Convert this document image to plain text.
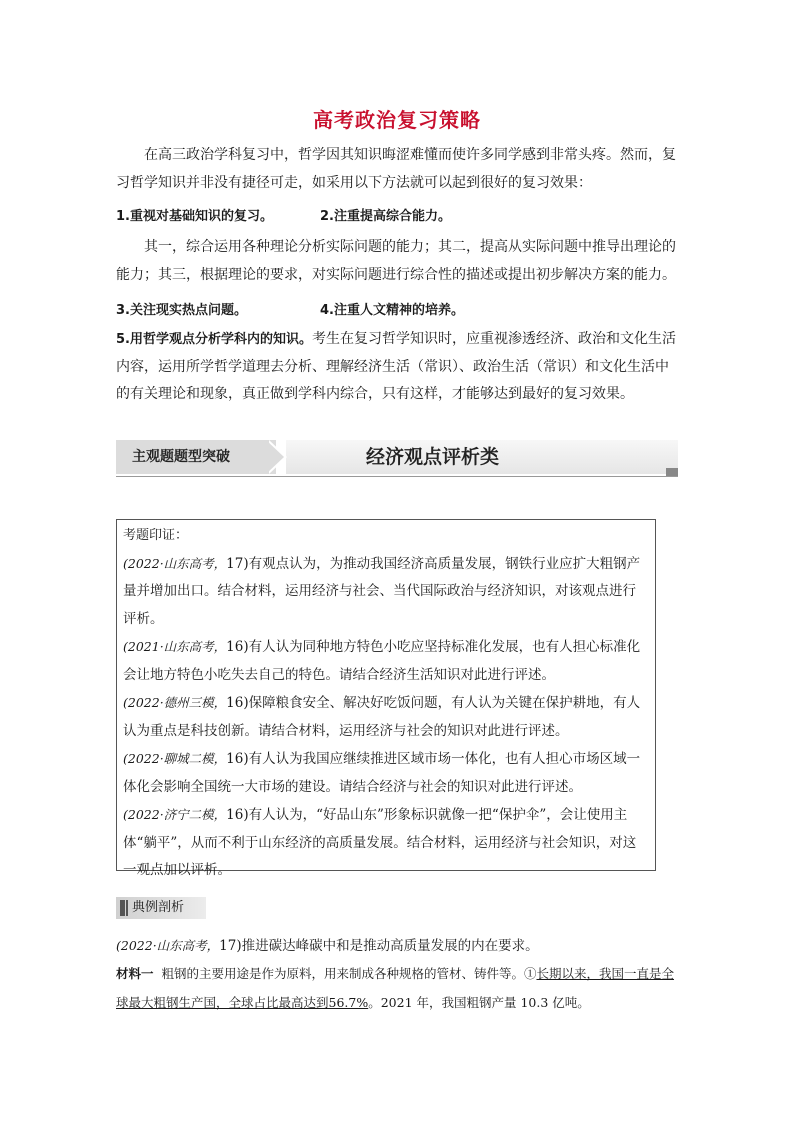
高考政治复习策略
在高三政治学科复习中，哲学因其知识晦涩难懂而使许多同学感到非常头疼。然而，复习哲学知识并非没有捷径可走，如采用以下方法就可以起到很好的复习效果：
1.重视对基础知识的复习。	2.注重提高综合能力。
其一，综合运用各种理论分析实际问题的能力；其二，提高从实际问题中推导出理论的能力；其三，根据理论的要求，对实际问题进行综合性的描述或提出初步解决方案的能力。
3.关注现实热点问题。	4.注重人文精神的培养。
5.用哲学观点分析学科内的知识。考生在复习哲学知识时，应重视渗透经济、政治和文化生活内容，运用所学哲学道理去分析、理解经济生活（常识）、政治生活（常识）和文化生活中的有关理论和现象，真正做到学科内综合，只有这样，才能够达到最好的复习效果。
主观题题型突破	经济观点评析类
考题印证：
(2022·山东高考，17)有观点认为，为推动我国经济高质量发展，钢铁行业应扩大粗钢产量并增加出口。结合材料，运用经济与社会、当代国际政治与经济知识，对该观点进行评析。
(2021·山东高考，16)有人认为同种地方特色小吃应坚持标准化发展，也有人担心标准化会让地方特色小吃失去自己的特色。请结合经济生活知识对此进行评述。
(2022·德州三模，16)保障粮食安全、解决好吃饭问题，有人认为关键在保护耕地，有人认为重点是科技创新。请结合材料，运用经济与社会的知识对此进行评述。
(2022·聊城二模，16)有人认为我国应继续推进区域市场一体化，也有人担心市场区域一体化会影响全国统一大市场的建设。请结合经济与社会的知识对此进行评述。
(2022·济宁二模，16)有人认为，“好品山东”形象标识就像一把“保护伞”，会让使用主体“躺平”，从而不利于山东经济的高质量发展。结合材料，运用经济与社会知识，对这一观点加以评析。
典例剖析
(2022·山东高考，17)推进碳达峰碳中和是推动高质量发展的内在要求。
材料一 粗钢的主要用途是作为原料，用来制成各种规格的管材、铸件等。①长期以来，我国一直是全球最大粗钢生产国，全球占比最高达到56.7%。2021 年，我国粗钢产量 10.3 亿吨。
